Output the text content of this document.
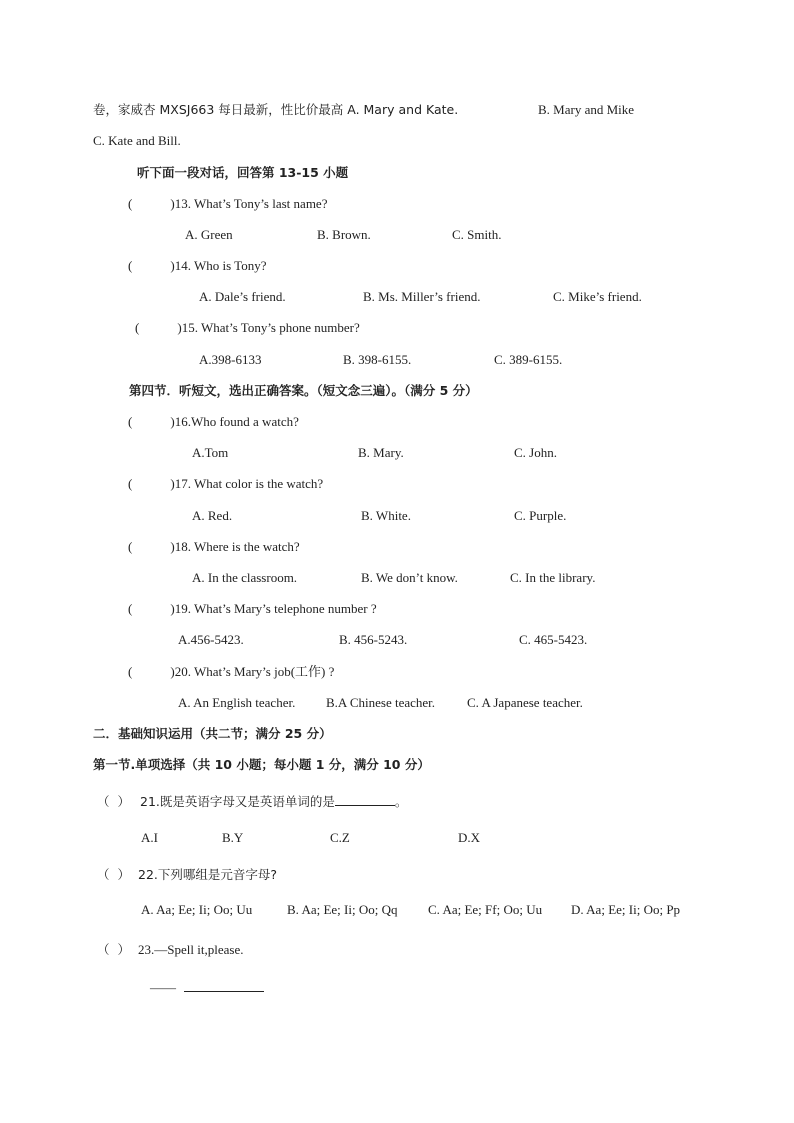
卷，家威杏 MXSJ663 每日最新，性比价最高 A. Mary and Kate.	B. Mary and Mike
C. Kate and Bill.
听下面一段对话，回答第 13-15 小题
(	)13. What’s Tony’s last name?
A. Green	B. Brown.	C. Smith.
(	)14. Who is Tony?
A. Dale’s friend.	B. Ms. Miller’s friend.	C. Mike’s friend.
(	)15. What’s Tony’s phone number?
A.398-6133	B. 398-6155.	C. 389-6155.
第四节．听短文，选出正确答案。（短文念三遍）。（满分 5 分）
(	)16.Who found a watch?
A.Tom	B. Mary.	C. John.
(	)17. What color is the watch?
A. Red.	B. White.	C. Purple.
(	)18. Where is the watch?
A. In the classroom.	B. We don’t know.	C. In the library.
(	)19. What’s Mary’s telephone number ?
A.456-5423.	B. 456-5243.	C. 465-5423.
(	)20. What’s Mary’s job(工作) ?
A. An English teacher. B.A Chinese teacher. C. A Japanese teacher.
二．基础知识运用（共二节；满分 25 分）
第一节.单项选择（共 10 小题；每小题 1 分，满分 10 分）
（ ） 21.既是英语字母又是英语单词的是	。
A.I	B.Y	C.Z	D.X
（ ） 22.下列哪组是元音字母?
A. Aa; Ee; Ii; Oo; Uu	B. Aa; Ee; Ii; Oo; Qq C. Aa; Ee; Ff; Oo; Uu D. Aa; Ee; Ii; Oo; Pp
（ ） 23.—Spell it,please.
——
